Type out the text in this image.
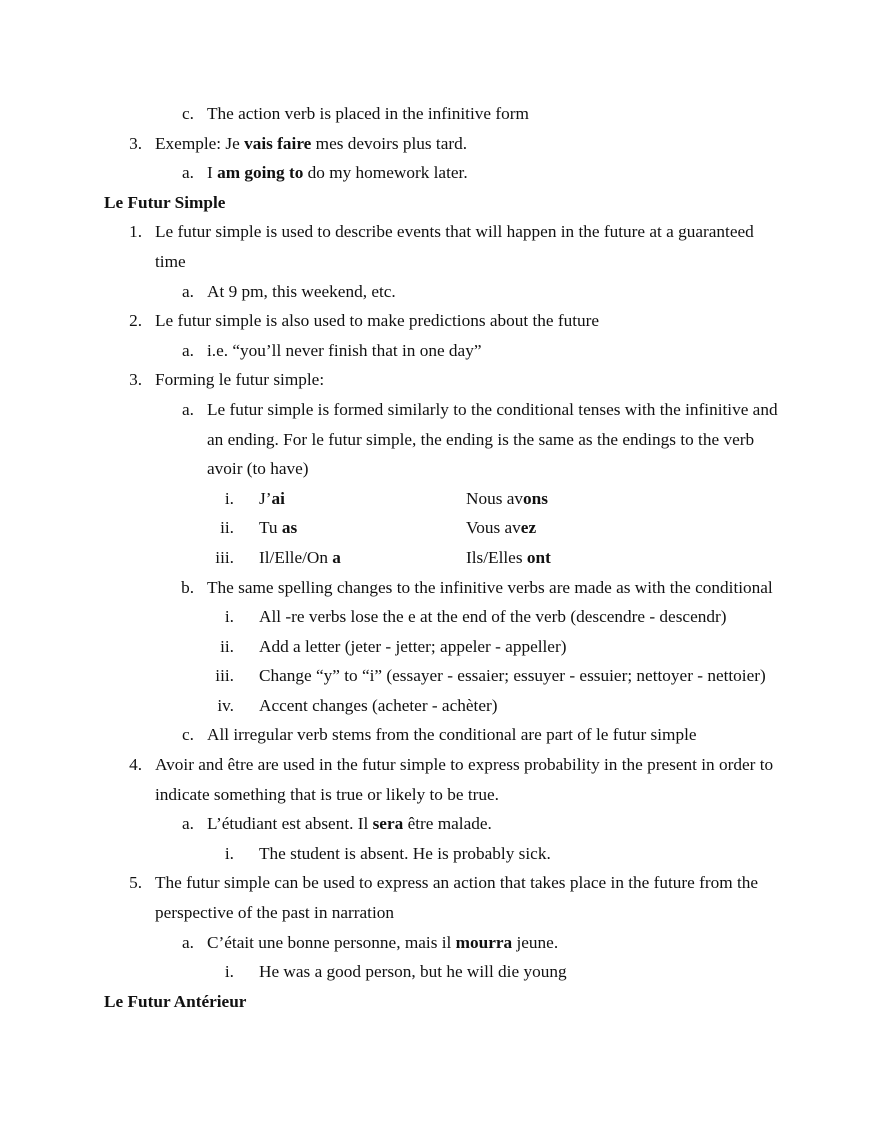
c. The action verb is placed in the infinitive form
3. Exemple: Je vais faire mes devoirs plus tard.
a. I am going to do my homework later.
Le Futur Simple
1. Le futur simple is used to describe events that will happen in the future at a guaranteed time
a. At 9 pm, this weekend, etc.
2. Le futur simple is also used to make predictions about the future
a. i.e. “you’ll never finish that in one day”
3. Forming le futur simple:
a. Le futur simple is formed similarly to the conditional tenses with the infinitive and an ending. For le futur simple, the ending is the same as the endings to the verb avoir (to have)
i. J’ai	Nous avons
ii. Tu as	Vous avez
iii. Il/Elle/On a	Ils/Elles ont
b. The same spelling changes to the infinitive verbs are made as with the conditional
i. All -re verbs lose the e at the end of the verb (descendre - descendr)
ii. Add a letter (jeter - jetter; appeler - appeller)
iii. Change “y” to “i” (essayer - essaier; essuyer - essuier; nettoyer - nettoier)
iv. Accent changes (acheter - achèter)
c. All irregular verb stems from the conditional are part of le futur simple
4. Avoir and être are used in the futur simple to express probability in the present in order to indicate something that is true or likely to be true.
a. L’étudiant est absent. Il sera être malade.
i. The student is absent. He is probably sick.
5. The futur simple can be used to express an action that takes place in the future from the perspective of the past in narration
a. C’était une bonne personne, mais il mourra jeune.
i. He was a good person, but he will die young
Le Futur Antérieur
